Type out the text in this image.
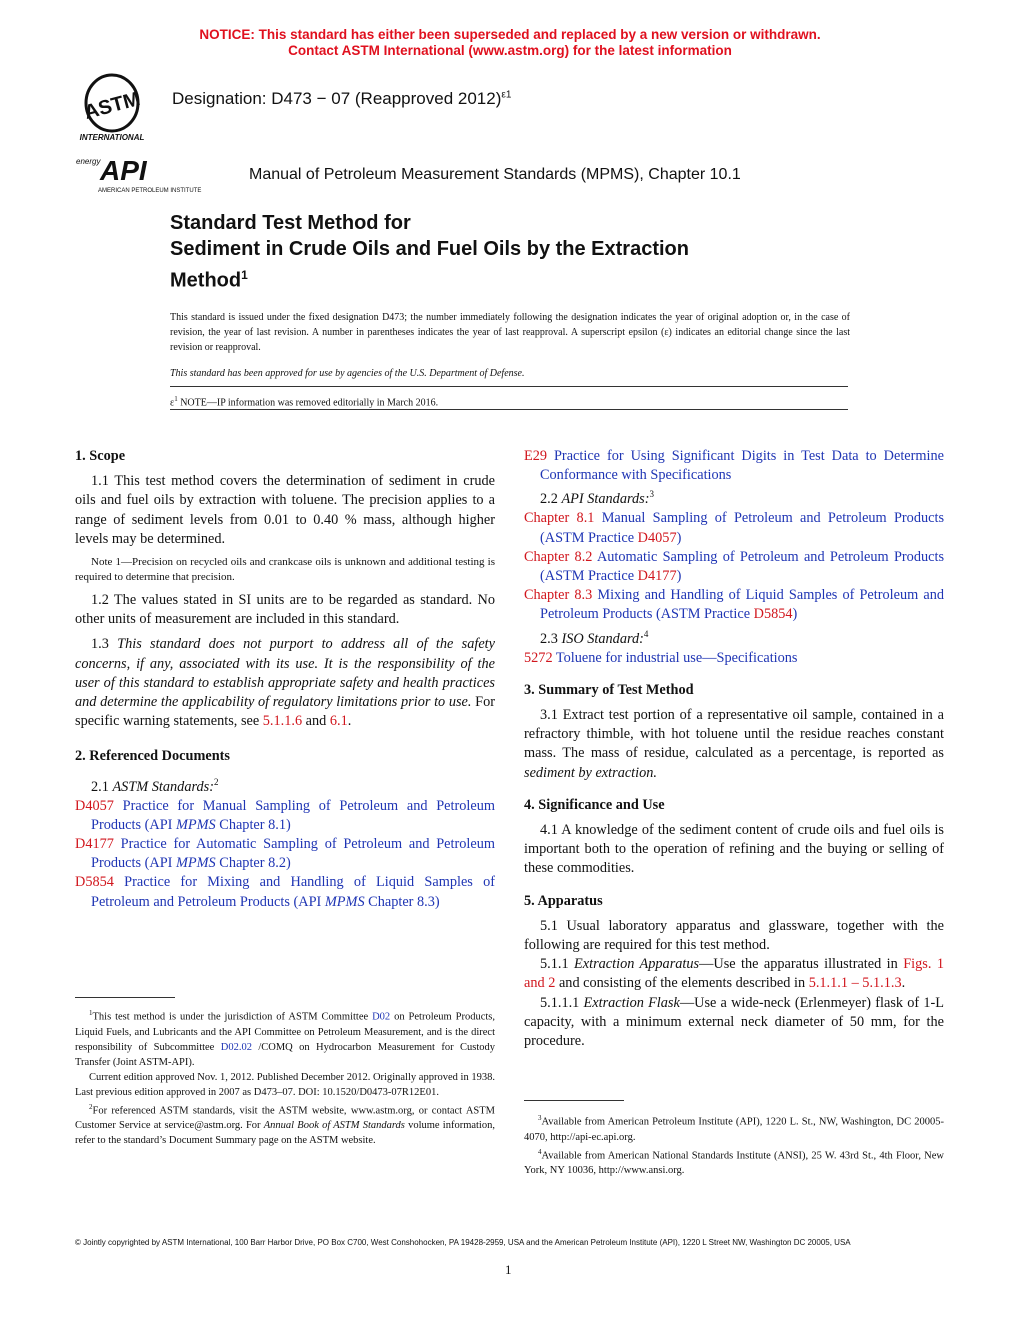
NOTICE: This standard has either been superseded and replaced by a new version or withdrawn.
Contact ASTM International (www.astm.org) for the latest information
ASTM
INTERNATIONAL
Designation: D473 − 07 (Reapproved 2012)$^{\varepsilon 1}$
energy API
AMERICAN PETROLEUM INSTITUTE
Manual of Petroleum Measurement Standards (MPMS), Chapter 10.1
Standard Test Method for
Sediment in Crude Oils and Fuel Oils by the Extraction
Method$^1$
This standard is issued under the fixed designation D473; the number immediately following the designation indicates the year of original adoption or, in the case of revision, the year of last revision. A number in parentheses indicates the year of last reapproval. A superscript epsilon (ε) indicates an editorial change since the last revision or reapproval.
This standard has been approved for use by agencies of the U.S. Department of Defense.
$\varepsilon^1$ NOTE—IP information was removed editorially in March 2016.
1. Scope

1.1 This test method covers the determination of sediment in crude oils and fuel oils by extraction with toluene. The precision applies to a range of sediment levels from 0.01 to 0.40 % mass, although higher levels may be determined.

Note 1—Precision on recycled oils and crankcase oils is unknown and additional testing is required to determine that precision.

1.2 The values stated in SI units are to be regarded as standard. No other units of measurement are included in this standard.

1.3 This standard does not purport to address all of the safety concerns, if any, associated with its use. It is the responsibility of the user of this standard to establish appropriate safety and health practices and determine the applicability of regulatory limitations prior to use. For specific warning statements, see 5.1.1.6 and 6.1.

2. Referenced Documents

2.1 ASTM Standards:$^2$

D4057 Practice for Manual Sampling of Petroleum and Petroleum Products (API MPMS Chapter 8.1)

D4177 Practice for Automatic Sampling of Petroleum and Petroleum Products (API MPMS Chapter 8.2)

D5854 Practice for Mixing and Handling of Liquid Samples of Petroleum and Petroleum Products (API MPMS Chapter 8.3)

$^1$This test method is under the jurisdiction of ASTM Committee D02 on Petroleum Products, Liquid Fuels, and Lubricants and the API Committee on Petroleum Measurement, and is the direct responsibility of Subcommittee D02.02 /COMQ on Hydrocarbon Measurement for Custody Transfer (Joint ASTM-API).

Current edition approved Nov. 1, 2012. Published December 2012. Originally approved in 1938. Last previous edition approved in 2007 as D473–07. DOI: 10.1520/D0473-07R12E01.

$^2$For referenced ASTM standards, visit the ASTM website, www.astm.org, or contact ASTM Customer Service at service@astm.org. For Annual Book of ASTM Standards volume information, refer to the standard’s Document Summary page on the ASTM website.

E29 Practice for Using Significant Digits in Test Data to Determine Conformance with Specifications

2.2 API Standards:$^3$

Chapter 8.1 Manual Sampling of Petroleum and Petroleum Products (ASTM Practice D4057)

Chapter 8.2 Automatic Sampling of Petroleum and Petroleum Products (ASTM Practice D4177)

Chapter 8.3 Mixing and Handling of Liquid Samples of Petroleum and Petroleum Products (ASTM Practice D5854)

2.3 ISO Standard:$^4$

5272 Toluene for industrial use—Specifications

3. Summary of Test Method

3.1 Extract test portion of a representative oil sample, contained in a refractory thimble, with hot toluene until the residue reaches constant mass. The mass of residue, calculated as a percentage, is reported as sediment by extraction.

4. Significance and Use

4.1 A knowledge of the sediment content of crude oils and fuel oils is important both to the operation of refining and the buying or selling of these commodities.

5. Apparatus

5.1 Usual laboratory apparatus and glassware, together with the following are required for this test method.

5.1.1 Extraction Apparatus—Use the apparatus illustrated in Figs. 1 and 2 and consisting of the elements described in 5.1.1.1 – 5.1.1.3.

5.1.1.1 Extraction Flask—Use a wide-neck (Erlenmeyer) flask of 1-L capacity, with a minimum external neck diameter of 50 mm, for the procedure.

$^3$Available from American Petroleum Institute (API), 1220 L. St., NW, Washington, DC 20005-4070, http://api-ec.api.org.

$^4$Available from American National Standards Institute (ANSI), 25 W. 43rd St., 4th Floor, New York, NY 10036, http://www.ansi.org.

© Jointly copyrighted by ASTM International, 100 Barr Harbor Drive, PO Box C700, West Conshohocken, PA 19428-2959, USA and the American Petroleum Institute (API), 1220 L Street NW, Washington DC 20005, USA
1
